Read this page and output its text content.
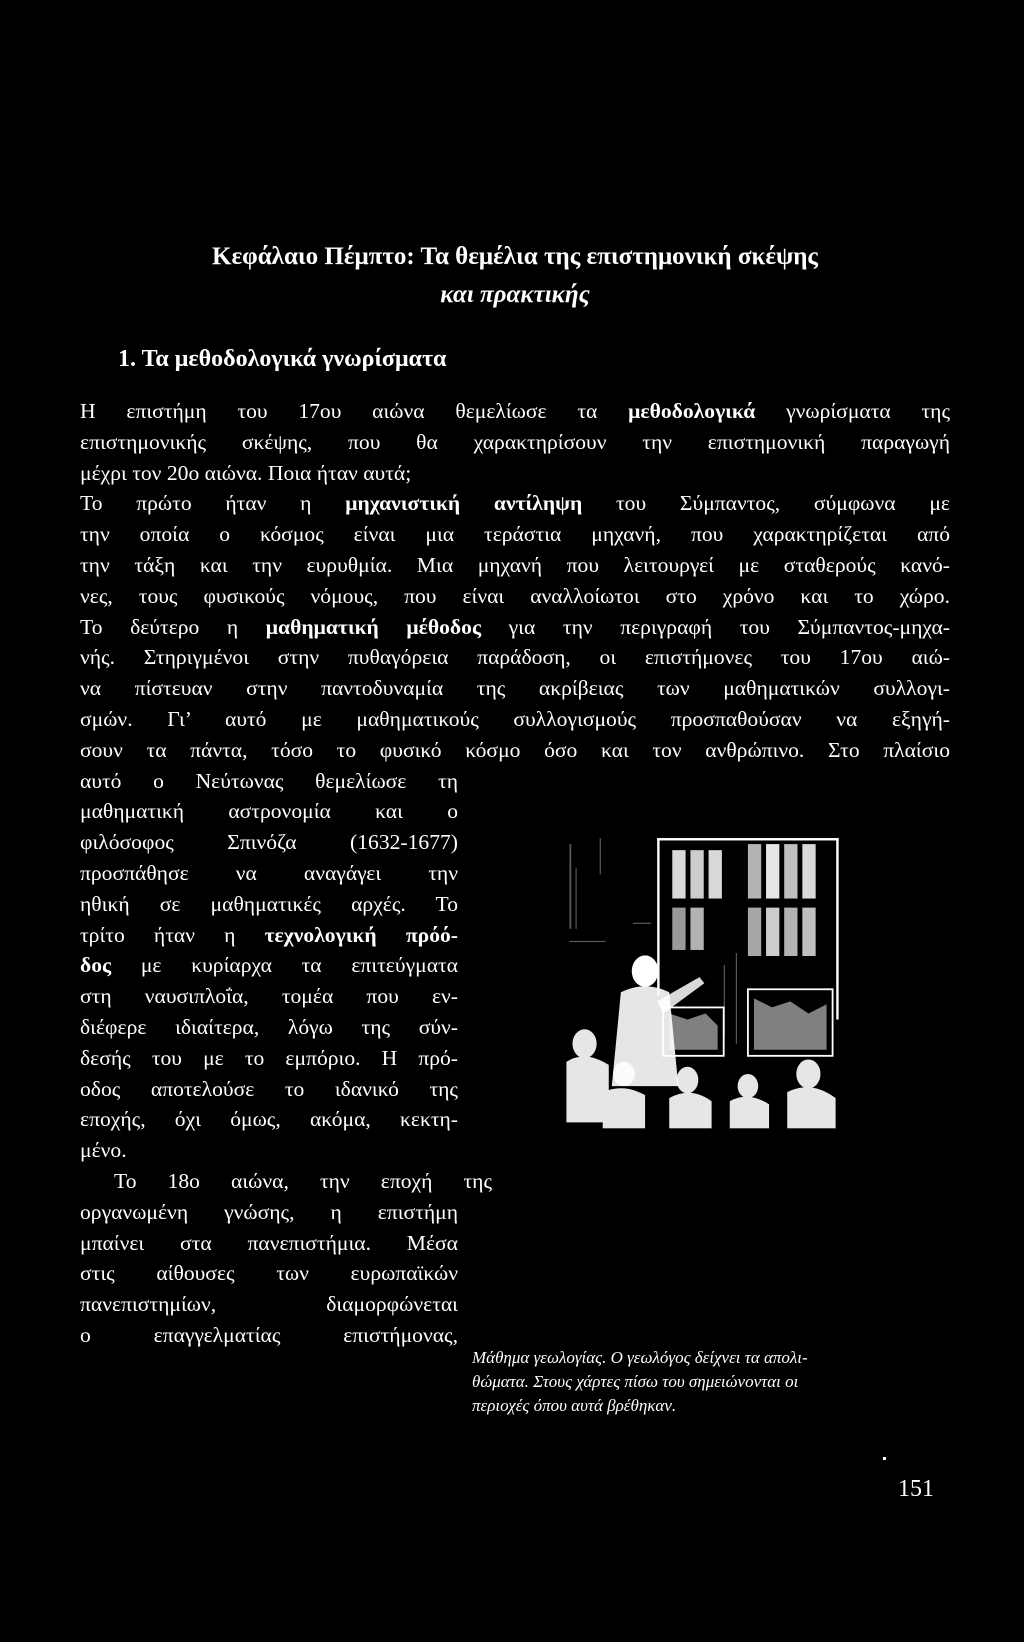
Κεφάλαιο Πέμπτο: Τα θεμέλια της επιστημονική σκέψης
και πρακτικής
1. Τα μεθοδολογικά γνωρίσματα
Η επιστήμη του 17ου αιώνα θεμελίωσε τα μεθοδολογικά γνωρίσματα της
επιστημονικής σκέψης, που θα χαρακτηρίσουν την επιστημονική παραγωγή
μέχρι τον 20ο αιώνα. Ποια ήταν αυτά;
Το πρώτο ήταν η μηχανιστική αντίληψη του Σύμπαντος, σύμφωνα με
την οποία ο κόσμος είναι μια τεράστια μηχανή, που χαρακτηρίζεται από
την τάξη και την ευρυθμία. Μια μηχανή που λειτουργεί με σταθερούς κανό-
νες, τους φυσικούς νόμους, που είναι αναλλοίωτοι στο χρόνο και το χώρο.
Το δεύτερο η μαθηματική μέθοδος για την περιγραφή του Σύμπαντος-μηχα-
νής. Στηριγμένοι στην πυθαγόρεια παράδοση, οι επιστήμονες του 17ου αιώ-
να πίστευαν στην παντοδυναμία της ακρίβειας των μαθηματικών συλλογι-
σμών. Γι’ αυτό με μαθηματικούς συλλογισμούς προσπαθούσαν να εξηγή-
σουν τα πάντα, τόσο το φυσικό κόσμο όσο και τον ανθρώπινο. Στο πλαίσιο
αυτό ο Νεύτωνας θεμελίωσε τη
μαθηματική αστρονομία και ο
φιλόσοφος Σπινόζα (1632-1677)
προσπάθησε να αναγάγει την
ηθική σε μαθηματικές αρχές. Το
τρίτο ήταν η τεχνολογική πρόό-
δος με κυρίαρχα τα επιτεύγματα
στη ναυσιπλοΐα, τομέα που εν-
διέφερε ιδιαίτερα, λόγω της σύν-
δεσής του με το εμπόριο. Η πρό-
οδος αποτελούσε το ιδανικό της
εποχής, όχι όμως, ακόμα, κεκτη-
μένο.
Το 18ο αιώνα, την εποχή της
οργανωμένη γνώσης, η επιστήμη
μπαίνει στα πανεπιστήμια. Μέσα
στις αίθουσες των ευρωπαϊκών
πανεπιστημίων, διαμορφώνεται
ο επαγγελματίας επιστήμονας,
Μάθημα γεωλογίας. Ο γεωλόγος δείχνει τα απολι-
θώματα. Στους χάρτες πίσω του σημειώνονται οι
περιοχές όπου αυτά βρέθηκαν.
151
